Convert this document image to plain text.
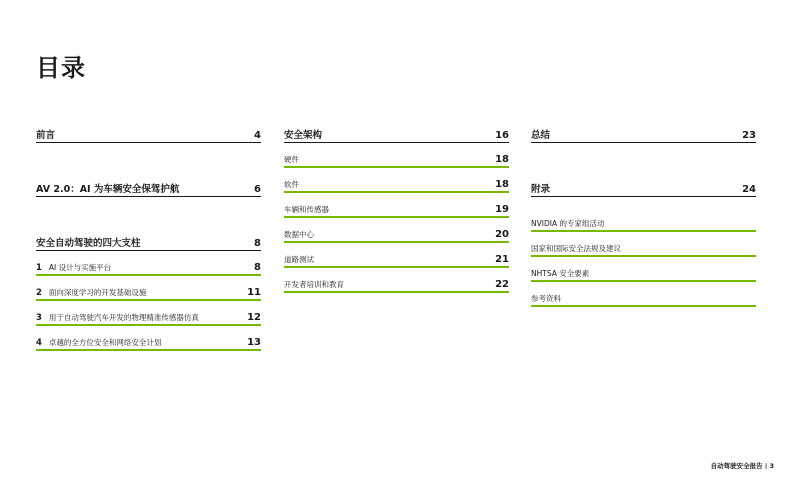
目录
前言	4
AV 2.0：AI 为车辆安全保驾护航	6
安全自动驾驶的四大支柱	8
1 AI 设计与实施平台	8
2 面向深度学习的开发基础设施	11
3 用于自动驾驶汽车开发的物理精准传感器仿真	12
4 卓越的全方位安全和网络安全计划	13
安全架构	16
硬件	18
软件	18
车辆和传感器	19
数据中心	20
道路测试	21
开发者培训和教育	22
总结	23
附录	24
NVIDIA 的专家组活动
国家和国际安全法规及建议
NHTSA 安全要素
参考资料
自动驾驶安全报告 | 3
